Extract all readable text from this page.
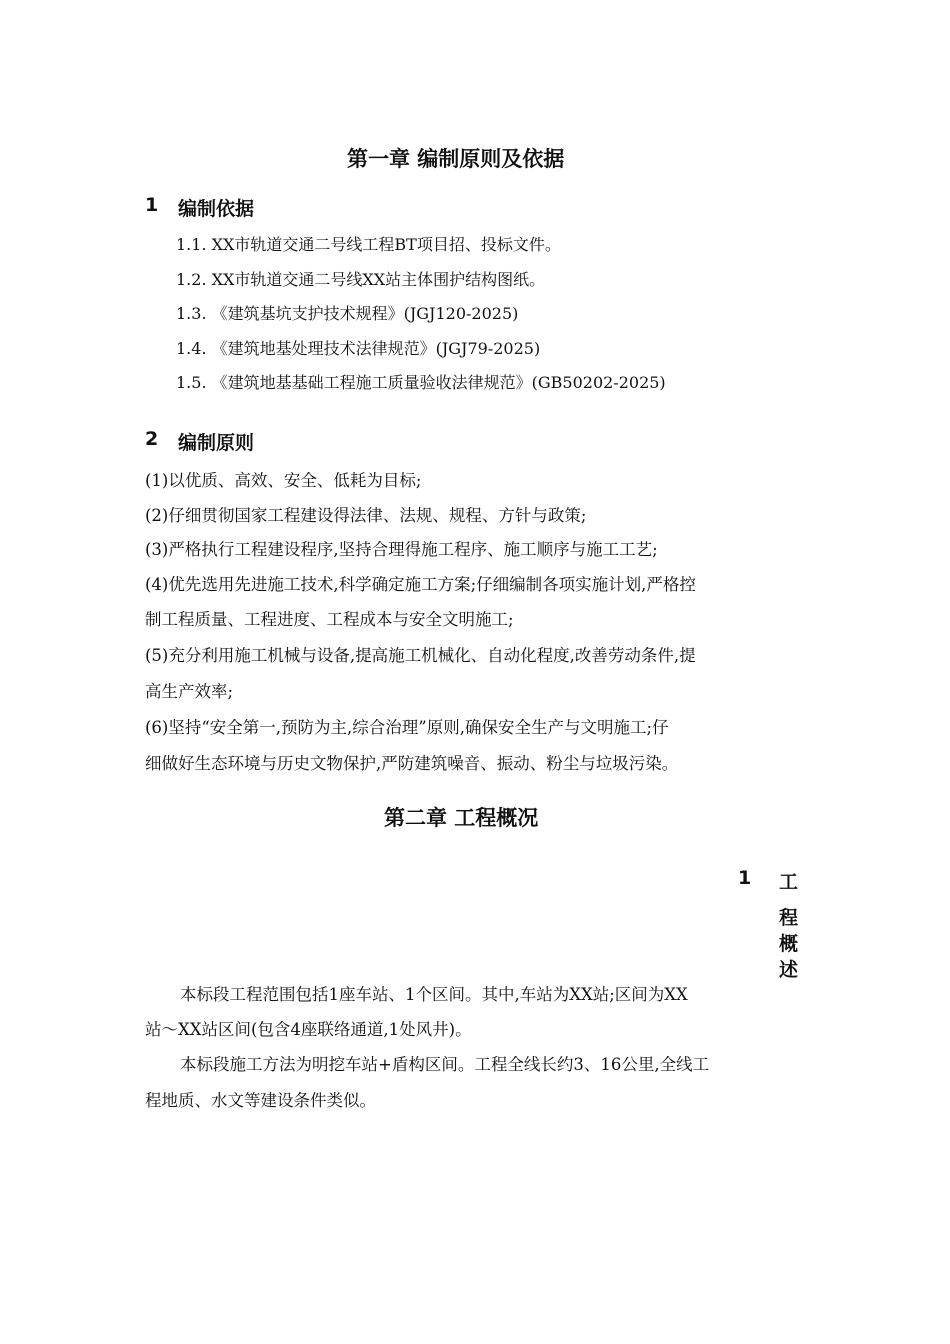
第一章 编制原则及依据
1 编制依据
1.1. XX市轨道交通二号线工程BT项目招、投标文件。
1.2. XX市轨道交通二号线XX站主体围护结构图纸。
1.3. 《建筑基坑支护技术规程》(JGJ120-2025)
1.4. 《建筑地基处理技术法律规范》(JGJ79-2025)
1.5. 《建筑地基基础工程施工质量验收法律规范》(GB50202-2025)
2 编制原则
(1)以优质、高效、安全、低耗为目标;
(2)仔细贯彻国家工程建设得法律、法规、规程、方针与政策;
(3)严格执行工程建设程序,坚持合理得施工程序、施工顺序与施工工艺;
(4)优先选用先进施工技术,科学确定施工方案;仔细编制各项实施计划,严格控
制工程质量、工程进度、工程成本与安全文明施工;
(5)充分利用施工机械与设备,提高施工机械化、自动化程度,改善劳动条件,提
高生产效率;
(6)坚持“安全第一,预防为主,综合治理”原则,确保安全生产与文明施工;仔
细做好生态环境与历史文物保护,严防建筑噪音、振动、粉尘与垃圾污染。
第二章 工程概况
1 工
程
概
述
本标段工程范围包括1座车站、1个区间。其中,车站为XX站;区间为XX
站～XX站区间(包含4座联络通道,1处风井)。
本标段施工方法为明挖车站+盾构区间。工程全线长约3、16公里,全线工
程地质、水文等建设条件类似。
